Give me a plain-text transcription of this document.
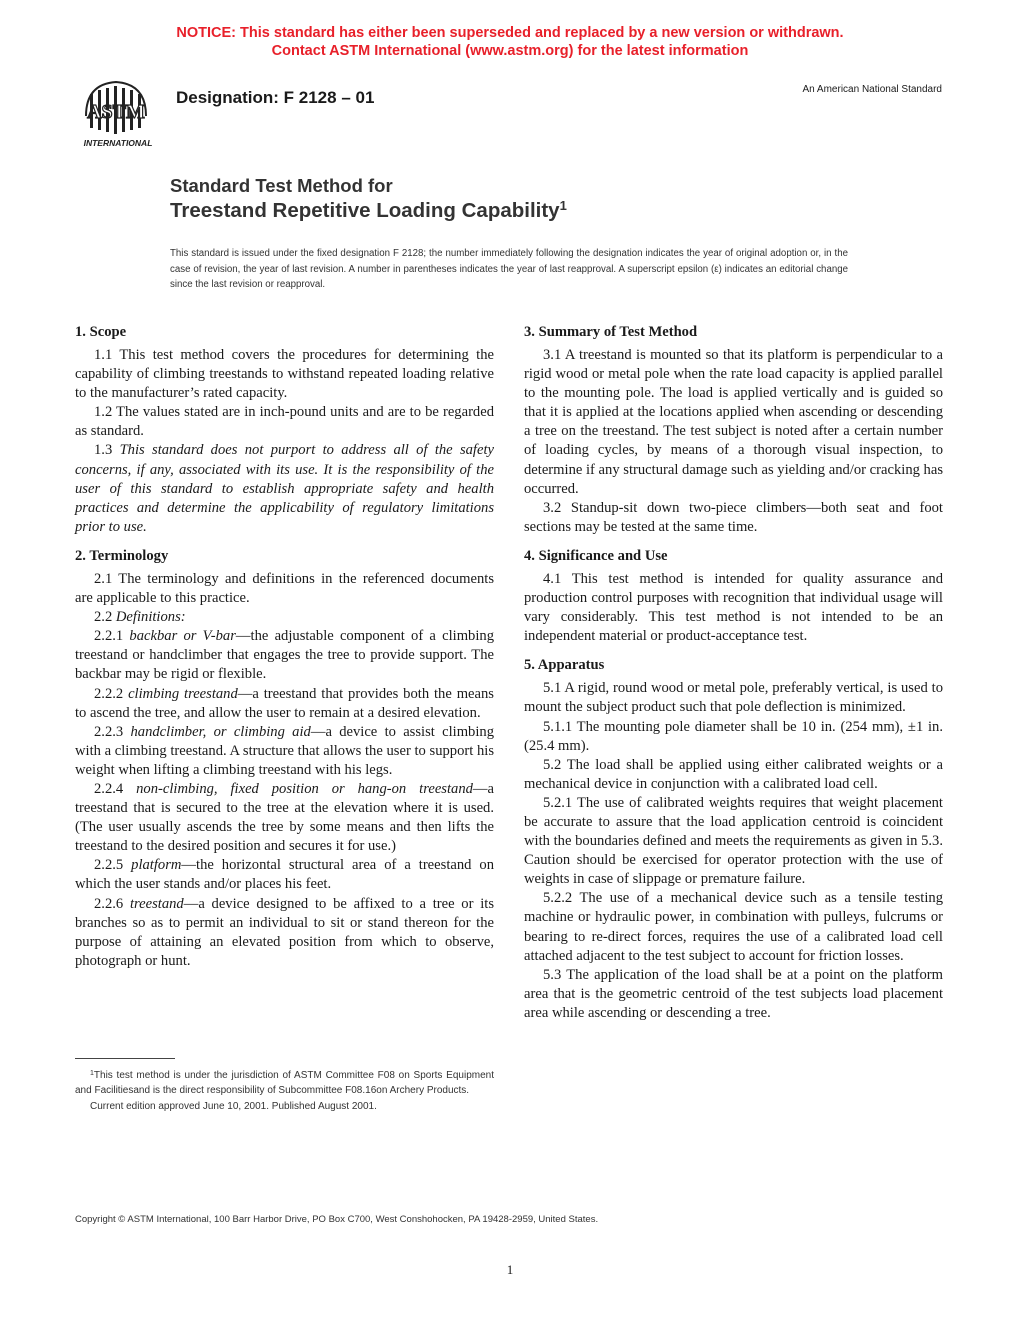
NOTICE: This standard has either been superseded and replaced by a new version or withdrawn.
Contact ASTM International (www.astm.org) for the latest information
ASTM
INTERNATIONAL
Designation: F 2128 – 01	An American National Standard
Standard Test Method for
Treestand Repetitive Loading Capability$^1$
This standard is issued under the fixed designation F 2128; the number immediately following the designation indicates the year of original adoption or, in the case of revision, the year of last revision. A number in parentheses indicates the year of last reapproval. A superscript epsilon (ε) indicates an editorial change since the last revision or reapproval.
1. Scope

1.1 This test method covers the procedures for determining the capability of climbing treestands to withstand repeated loading relative to the manufacturer’s rated capacity.

1.2 The values stated are in inch-pound units and are to be regarded as standard.

1.3 This standard does not purport to address all of the safety concerns, if any, associated with its use. It is the responsibility of the user of this standard to establish appropriate safety and health practices and determine the applicability of regulatory limitations prior to use.

2. Terminology

2.1 The terminology and definitions in the referenced documents are applicable to this practice.

2.2 Definitions:

2.2.1 backbar or V-bar—the adjustable component of a climbing treestand or handclimber that engages the tree to provide support. The backbar may be rigid or flexible.

2.2.2 climbing treestand—a treestand that provides both the means to ascend the tree, and allow the user to remain at a desired elevation.

2.2.3 handclimber, or climbing aid—a device to assist climbing with a climbing treestand. A structure that allows the user to support his weight when lifting a climbing treestand with his legs.

2.2.4 non-climbing, fixed position or hang-on treestand—a treestand that is secured to the tree at the elevation where it is used. (The user usually ascends the tree by some means and then lifts the treestand to the desired position and secures it for use.)

2.2.5 platform—the horizontal structural area of a treestand on which the user stands and/or places his feet.

2.2.6 treestand—a device designed to be affixed to a tree or its branches so as to permit an individual to sit or stand thereon for the purpose of attaining an elevated position from which to observe, photograph or hunt.

3. Summary of Test Method

3.1 A treestand is mounted so that its platform is perpendicular to a rigid wood or metal pole when the rate load capacity is applied parallel to the mounting pole. The load is applied vertically and is guided so that it is applied at the locations applied when ascending or descending a tree on the treestand. The test subject is noted after a certain number of loading cycles, by means of a thorough visual inspection, to determine if any structural damage such as yielding and/or cracking has occurred.

3.2 Standup-sit down two-piece climbers—both seat and foot sections may be tested at the same time.

4. Significance and Use

4.1 This test method is intended for quality assurance and production control purposes with recognition that individual usage will vary considerably. This test method is not intended to be an independent material or product-acceptance test.

5. Apparatus

5.1 A rigid, round wood or metal pole, preferably vertical, is used to mount the subject product such that pole deflection is minimized.

5.1.1 The mounting pole diameter shall be 10 in. (254 mm), ±1 in. (25.4 mm).

5.2 The load shall be applied using either calibrated weights or a mechanical device in conjunction with a calibrated load cell.

5.2.1 The use of calibrated weights requires that weight placement be accurate to assure that the load application centroid is coincident with the boundaries defined and meets the requirements as given in 5.3. Caution should be exercised for operator protection with the use of weights in case of slippage or premature failure.

5.2.2 The use of a mechanical device such as a tensile testing machine or hydraulic power, in combination with pulleys, fulcrums or bearing to re-direct forces, requires the use of a calibrated load cell attached adjacent to the test subject to account for friction losses.

5.3 The application of the load shall be at a point on the platform area that is the geometric centroid of the test subjects load placement area while ascending or descending a tree.

$^1$This test method is under the jurisdiction of ASTM Committee F08 on Sports Equipment and Facilitiesand is the direct responsibility of Subcommittee F08.16on Archery Products.

Current edition approved June 10, 2001. Published August 2001.

Copyright © ASTM International, 100 Barr Harbor Drive, PO Box C700, West Conshohocken, PA 19428-2959, United States.
1
